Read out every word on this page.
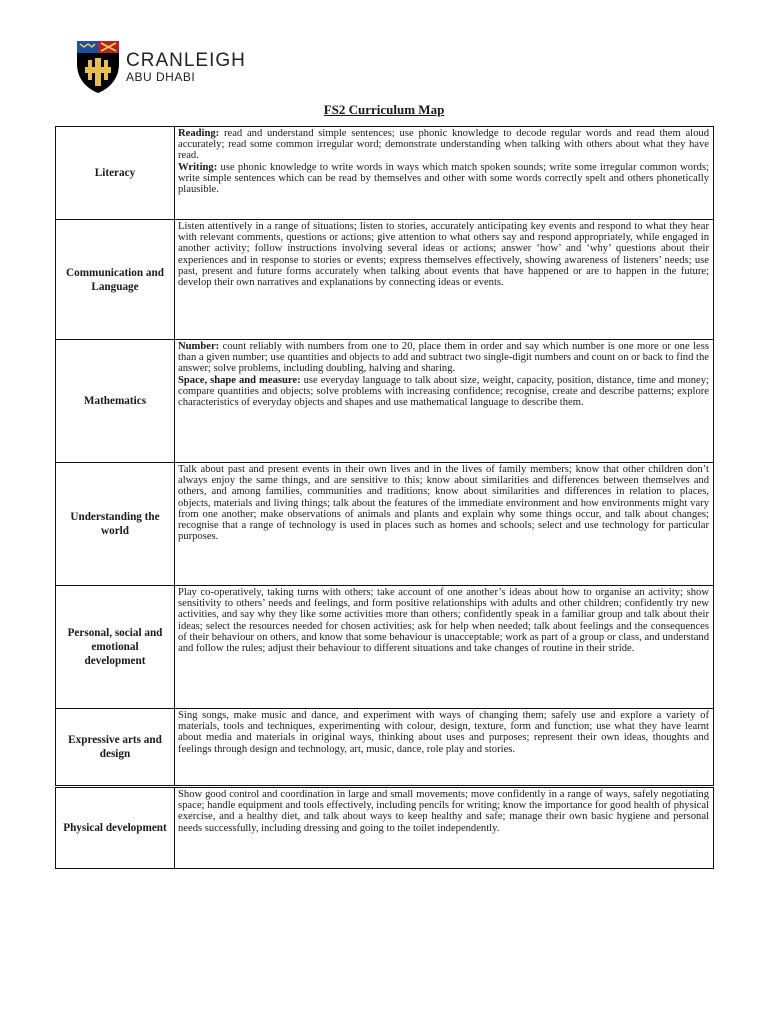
CRANLEIGH
ABU DHABI
FS2 Curriculum Map
Literacy	Reading: read and understand simple sentences; use phonic knowledge to decode regular words and read them aloud accurately; read some common irregular word; demonstrate understanding when talking with others about what they have read.
Writing: use phonic knowledge to write words in ways which match spoken sounds; write some irregular common words; write simple sentences which can be read by themselves and other with some words correctly spelt and others phonetically plausible.
Communication and Language	Listen attentively in a range of situations; listen to stories, accurately anticipating key events and respond to what they hear with relevant comments, questions or actions; give attention to what others say and respond appropriately, while engaged in another activity; follow instructions involving several ideas or actions; answer ‘how’ and ‘why’ questions about their experiences and in response to stories or events; express themselves effectively, showing awareness of listeners’ needs; use past, present and future forms accurately when talking about events that have happened or are to happen in the future; develop their own narratives and explanations by connecting ideas or events.
Mathematics	Number: count reliably with numbers from one to 20, place them in order and say which number is one more or one less than a given number; use quantities and objects to add and subtract two single-digit numbers and count on or back to find the answer; solve problems, including doubling, halving and sharing.
Space, shape and measure: use everyday language to talk about size, weight, capacity, position, distance, time and money; compare quantities and objects; solve problems with increasing confidence; recognise, create and describe patterns; explore characteristics of everyday objects and shapes and use mathematical language to describe them.
Understanding the world	Talk about past and present events in their own lives and in the lives of family members; know that other children don’t always enjoy the same things, and are sensitive to this; know about similarities and differences between themselves and others, and among families, communities and traditions; know about similarities and differences in relation to places, objects, materials and living things; talk about the features of the immediate environment and how environments might vary from one another; make observations of animals and plants and explain why some things occur, and talk about changes; recognise that a range of technology is used in places such as homes and schools; select and use technology for particular purposes.
Personal, social and emotional development	Play co-operatively, taking turns with others; take account of one another’s ideas about how to organise an activity; show sensitivity to others’ needs and feelings, and form positive relationships with adults and other children; confidently try new activities, and say why they like some activities more than others; confidently speak in a familiar group and talk about their ideas; select the resources needed for chosen activities; ask for help when needed; talk about feelings and the consequences of their behaviour on others, and know that some behaviour is unacceptable; work as part of a group or class, and understand and follow the rules; adjust their behaviour to different situations and take changes of routine in their stride.
Expressive arts and design	Sing songs, make music and dance, and experiment with ways of changing them; safely use and explore a variety of materials, tools and techniques, experimenting with colour, design, texture, form and function; use what they have learnt about media and materials in original ways, thinking about uses and purposes; represent their own ideas, thoughts and feelings through design and technology, art, music, dance, role play and stories.
Physical development	Show good control and coordination in large and small movements; move confidently in a range of ways, safely negotiating space; handle equipment and tools effectively, including pencils for writing; know the importance for good health of physical exercise, and a healthy diet, and talk about ways to keep healthy and safe; manage their own basic hygiene and personal needs successfully, including dressing and going to the toilet independently.
